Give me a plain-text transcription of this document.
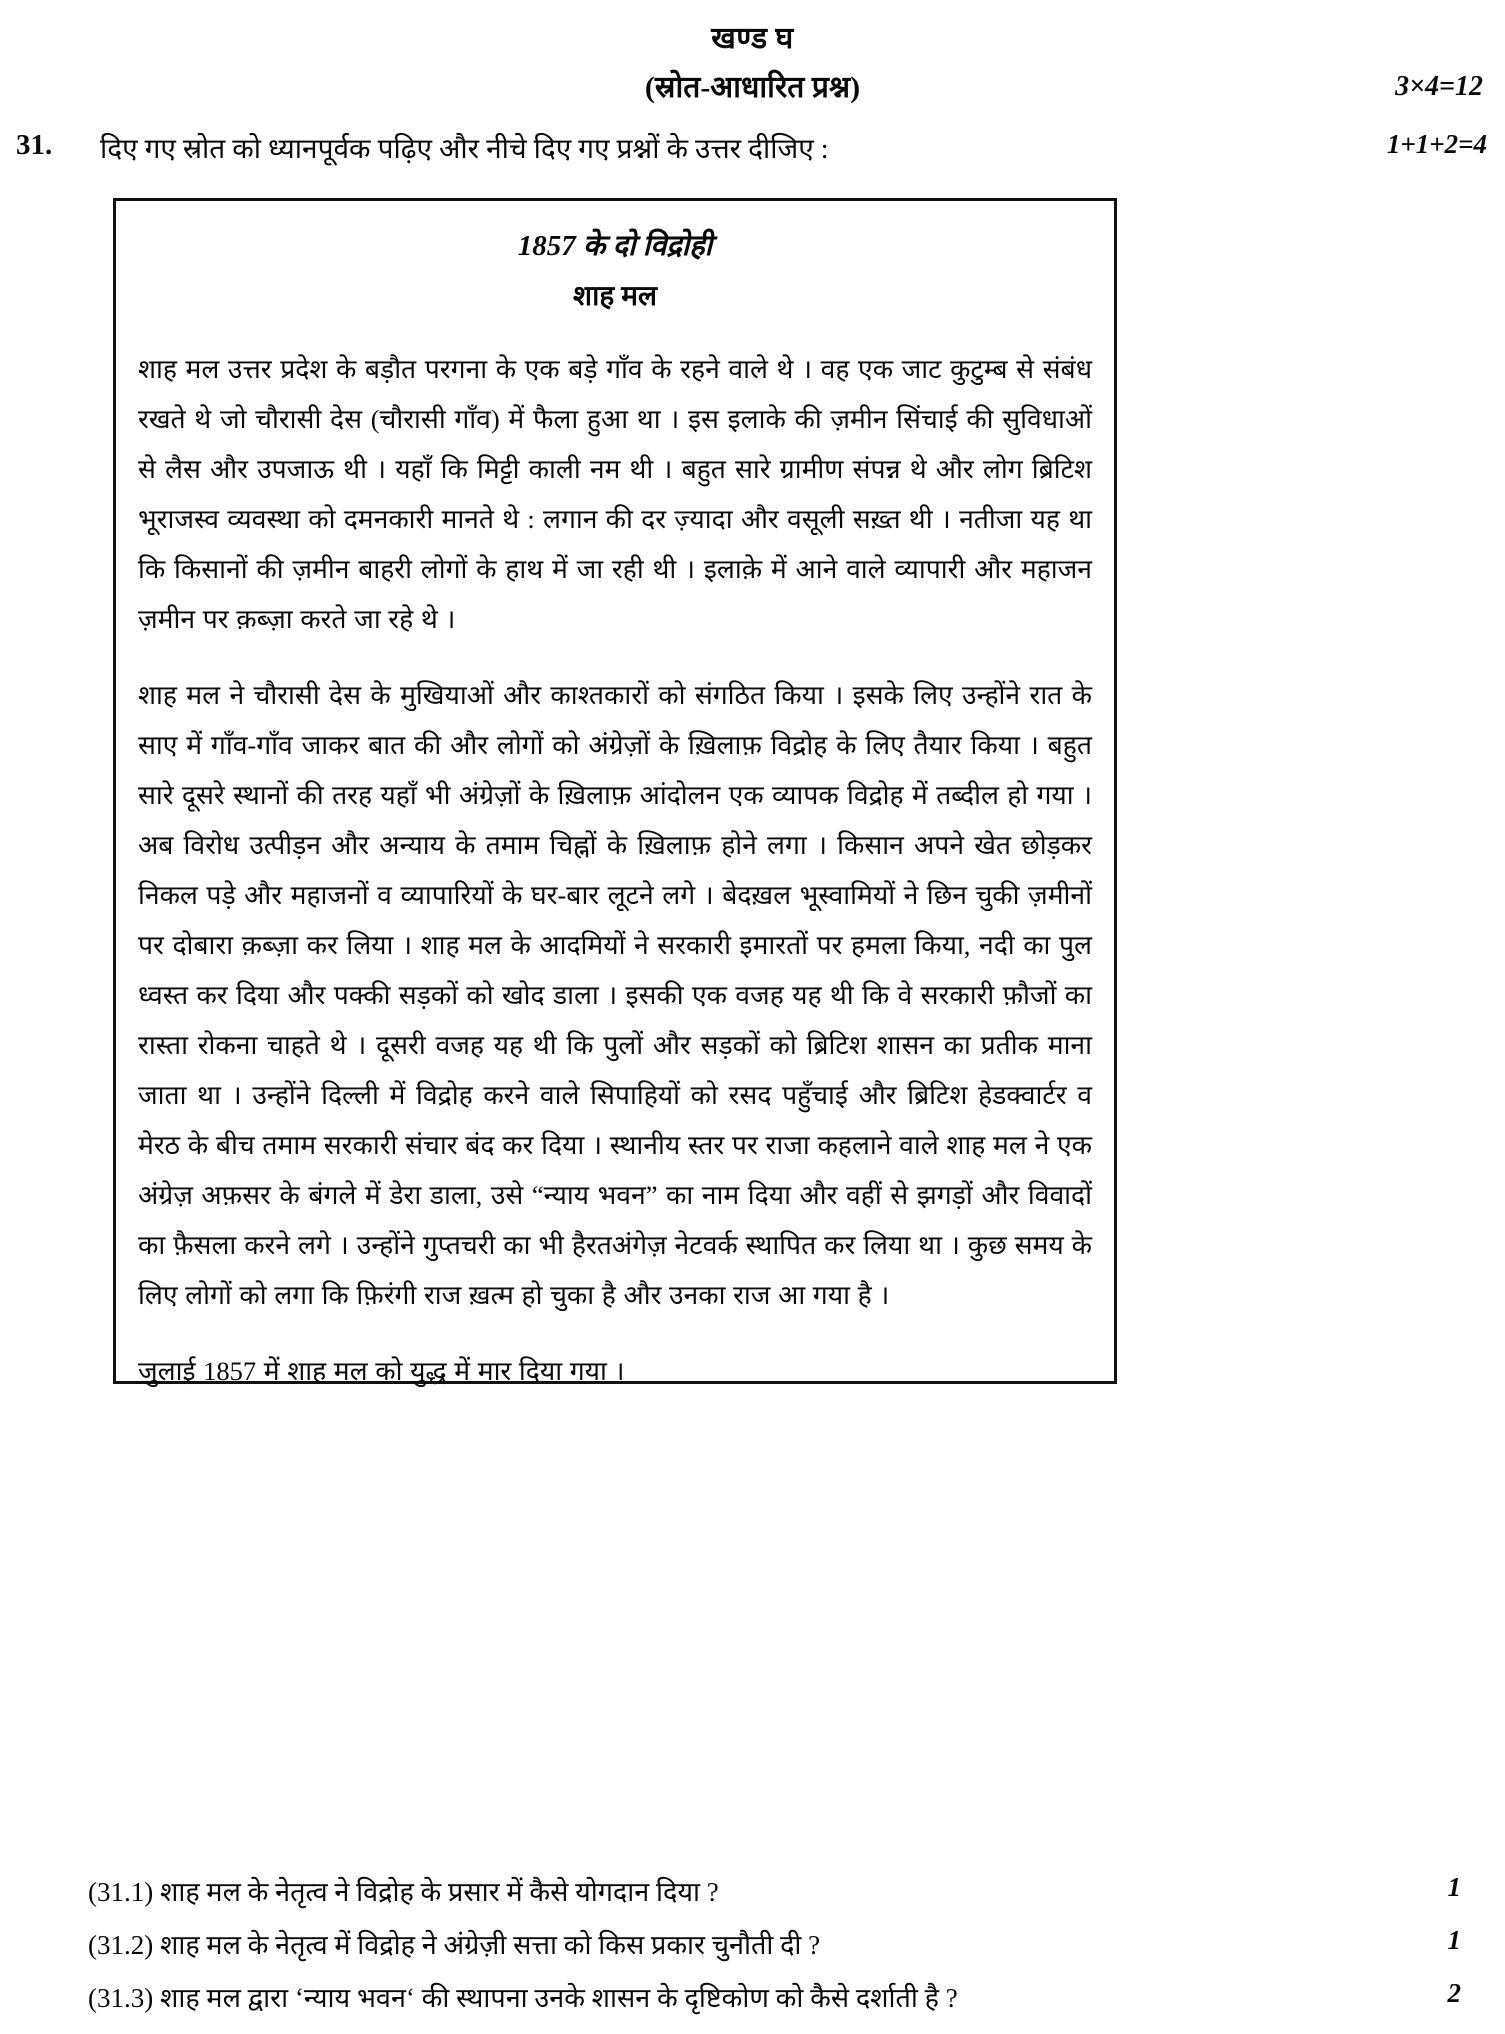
खण्ड घ
(स्रोत-आधारित प्रश्न)	3×4=12
31. दिए गए स्रोत को ध्यानपूर्वक पढ़िए और नीचे दिए गए प्रश्नों के उत्तर दीजिए :	1+1+2=4
1857 के दो विद्रोही
शाह मल
शाह मल उत्तर प्रदेश के बड़ौत परगना के एक बड़े गाँव के रहने वाले थे । वह एक जाट कुटुम्ब से संबंध रखते थे जो चौरासी देस (चौरासी गाँव) में फैला हुआ था । इस इलाके की ज़मीन सिंचाई की सुविधाओं से लैस और उपजाऊ थी । यहाँ कि मिट्टी काली नम थी । बहुत सारे ग्रामीण संपन्न थे और लोग ब्रिटिश भूराजस्व व्यवस्था को दमनकारी मानते थे : लगान की दर ज़्यादा और वसूली सख़्त थी । नतीजा यह था कि किसानों की ज़मीन बाहरी लोगों के हाथ में जा रही थी । इलाक़े में आने वाले व्यापारी और महाजन ज़मीन पर क़ब्ज़ा करते जा रहे थे ।
शाह मल ने चौरासी देस के मुखियाओं और काश्तकारों को संगठित किया । इसके लिए उन्होंने रात के साए में गाँव-गाँव जाकर बात की और लोगों को अंग्रेज़ों के ख़िलाफ़ विद्रोह के लिए तैयार किया । बहुत सारे दूसरे स्थानों की तरह यहाँ भी अंग्रेज़ों के ख़िलाफ़ आंदोलन एक व्यापक विद्रोह में तब्दील हो गया । अब विरोध उत्पीड़न और अन्याय के तमाम चिह्नों के ख़िलाफ़ होने लगा । किसान अपने खेत छोड़कर निकल पड़े और महाजनों व व्यापारियों के घर-बार लूटने लगे । बेदख़ल भूस्वामियों ने छिन चुकी ज़मीनों पर दोबारा क़ब्ज़ा कर लिया । शाह मल के आदमियों ने सरकारी इमारतों पर हमला किया, नदी का पुल ध्वस्त कर दिया और पक्की सड़कों को खोद डाला । इसकी एक वजह यह थी कि वे सरकारी फ़ौजों का रास्ता रोकना चाहते थे । दूसरी वजह यह थी कि पुलों और सड़कों को ब्रिटिश शासन का प्रतीक माना जाता था । उन्होंने दिल्ली में विद्रोह करने वाले सिपाहियों को रसद पहुँचाई और ब्रिटिश हेडक्वार्टर व मेरठ के बीच तमाम सरकारी संचार बंद कर दिया । स्थानीय स्तर पर राजा कहलाने वाले शाह मल ने एक अंग्रेज़ अफ़सर के बंगले में डेरा डाला, उसे “न्याय भवन” का नाम दिया और वहीं से झगड़ों और विवादों का फ़ैसला करने लगे । उन्होंने गुप्तचरी का भी हैरतअंगेज़ नेटवर्क स्थापित कर लिया था । कुछ समय के लिए लोगों को लगा कि फ़िरंगी राज ख़त्म हो चुका है और उनका राज आ गया है ।
जुलाई 1857 में शाह मल को युद्ध में मार दिया गया ।
(31.1) शाह मल के नेतृत्व ने विद्रोह के प्रसार में कैसे योगदान दिया ?	1
(31.2) शाह मल के नेतृत्व में विद्रोह ने अंग्रेज़ी सत्ता को किस प्रकार चुनौती दी ?	1
(31.3) शाह मल द्वारा ‘न्याय भवन‘ की स्थापना उनके शासन के दृष्टिकोण को कैसे दर्शाती है ?	2
